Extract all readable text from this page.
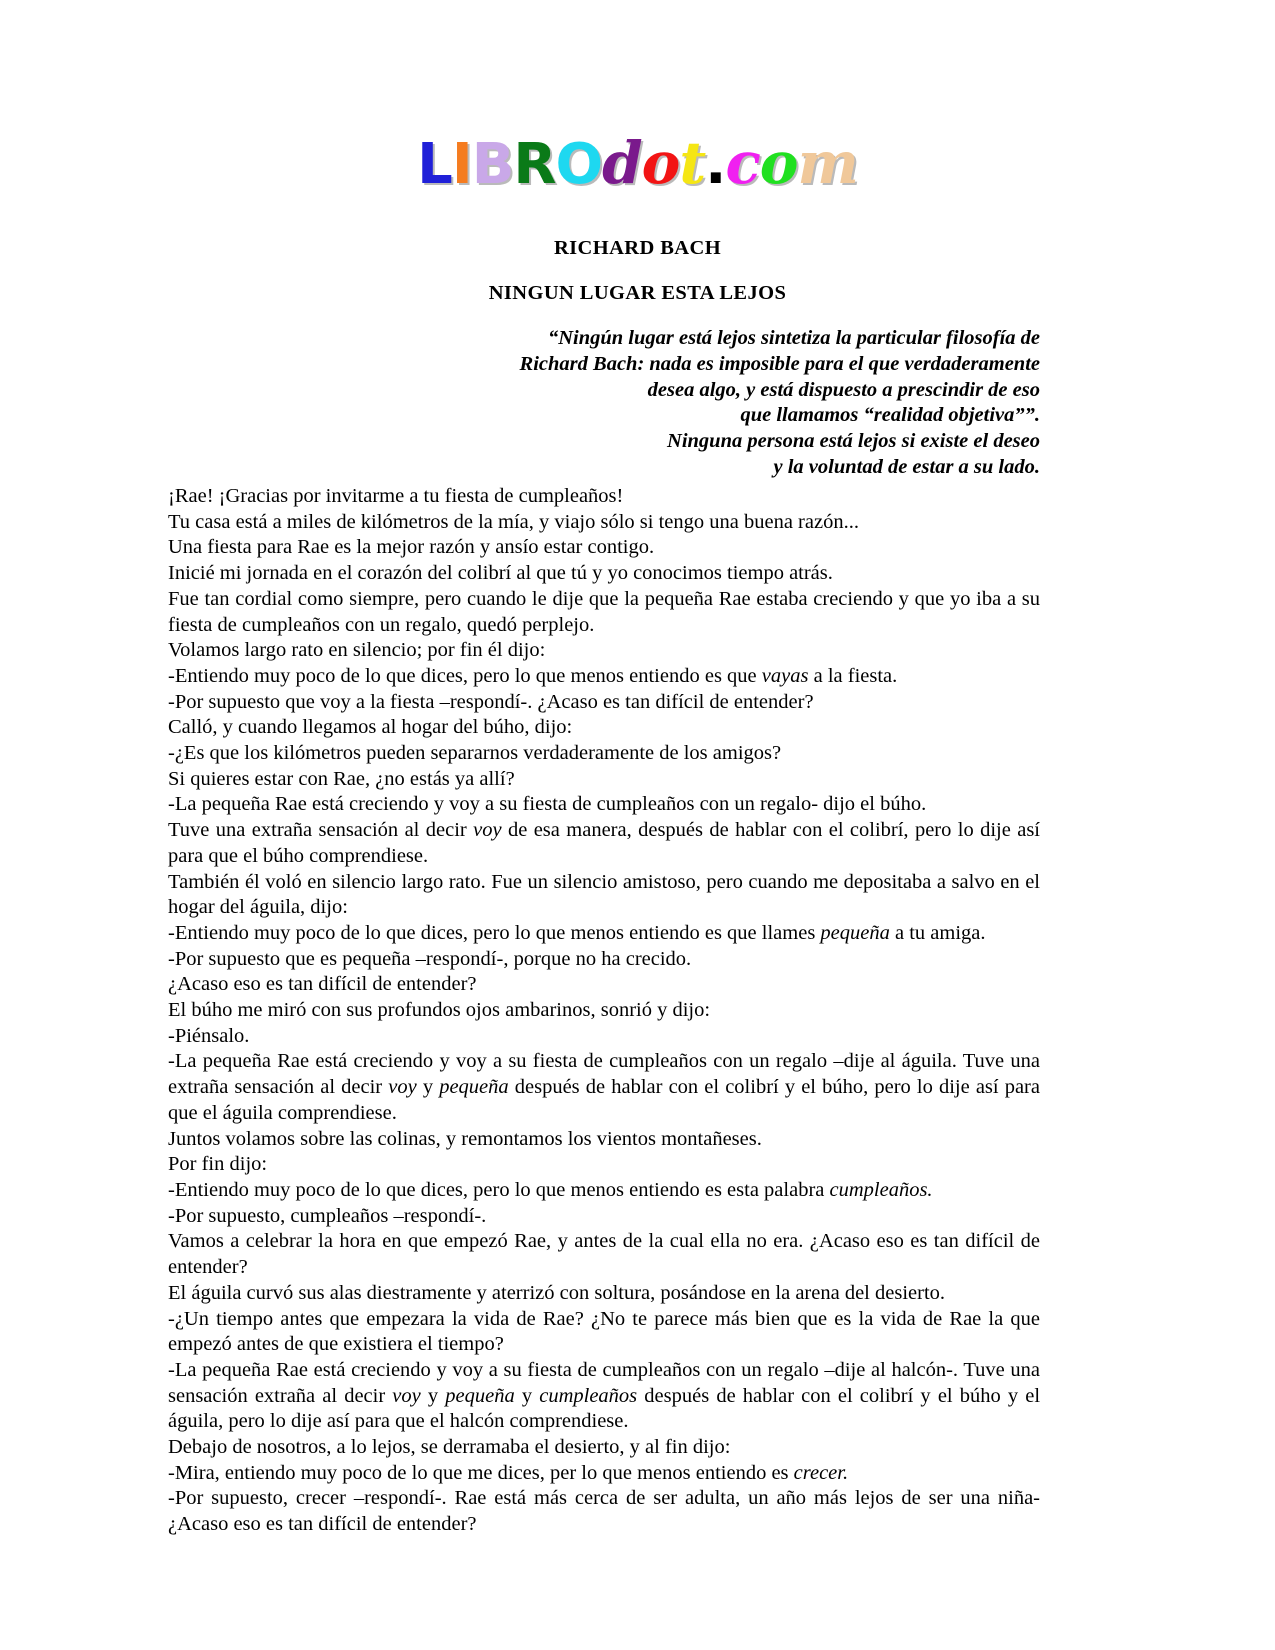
LIBROdot.com
RICHARD BACH
NINGUN LUGAR ESTA LEJOS
“Ningún lugar está lejos sintetiza la particular filosofía de
Richard Bach: nada es imposible para el que verdaderamente
desea algo, y está dispuesto a prescindir de eso
que llamamos “realidad objetiva””.
Ninguna persona está lejos si existe el deseo
y la voluntad de estar a su lado.

¡Rae! ¡Gracias por invitarme a tu fiesta de cumpleaños!

Tu casa está a miles de kilómetros de la mía, y viajo sólo si tengo una buena razón...

Una fiesta para Rae es la mejor razón y ansío estar contigo.

Inicié mi jornada en el corazón del colibrí al que tú y yo conocimos tiempo atrás.

Fue tan cordial como siempre, pero cuando le dije que la pequeña Rae estaba creciendo y que yo iba a su fiesta de cumpleaños con un regalo, quedó perplejo.

Volamos largo rato en silencio; por fin él dijo:

-Entiendo muy poco de lo que dices, pero lo que menos entiendo es que vayas a la fiesta.

-Por supuesto que voy a la fiesta –respondí-. ¿Acaso es tan difícil de entender?

Calló, y cuando llegamos al hogar del búho, dijo:

-¿Es que los kilómetros pueden separarnos verdaderamente de los amigos?

Si quieres estar con Rae, ¿no estás ya allí?

-La pequeña Rae está creciendo y voy a su fiesta de cumpleaños con un regalo- dijo el búho.

Tuve una extraña sensación al decir voy de esa manera, después de hablar con el colibrí, pero lo dije así para que el búho comprendiese.

También él voló en silencio largo rato. Fue un silencio amistoso, pero cuando me depositaba a salvo en el hogar del águila, dijo:

-Entiendo muy poco de lo que dices, pero lo que menos entiendo es que llames pequeña a tu amiga.

-Por supuesto que es pequeña –respondí-, porque no ha crecido.

¿Acaso eso es tan difícil de entender?

El búho me miró con sus profundos ojos ambarinos, sonrió y dijo:

-Piénsalo.

-La pequeña Rae está creciendo y voy a su fiesta de cumpleaños con un regalo –dije al águila. Tuve una extraña sensación al decir voy y pequeña después de hablar con el colibrí y el búho, pero lo dije así para que el águila comprendiese.

Juntos volamos sobre las colinas, y remontamos los vientos montañeses.

Por fin dijo:

-Entiendo muy poco de lo que dices, pero lo que menos entiendo es esta palabra cumpleaños.

-Por supuesto, cumpleaños –respondí-.

Vamos a celebrar la hora en que empezó Rae, y antes de la cual ella no era. ¿Acaso eso es tan difícil de entender?

El águila curvó sus alas diestramente y aterrizó con soltura, posándose en la arena del desierto.

-¿Un tiempo antes que empezara la vida de Rae? ¿No te parece más bien que es la vida de Rae la que empezó antes de que existiera el tiempo?

-La pequeña Rae está creciendo y voy a su fiesta de cumpleaños con un regalo –dije al halcón-. Tuve una sensación extraña al decir voy y pequeña y cumpleaños después de hablar con el colibrí y el búho y el águila, pero lo dije así para que el halcón comprendiese.

Debajo de nosotros, a lo lejos, se derramaba el desierto, y al fin dijo:

-Mira, entiendo muy poco de lo que me dices, per lo que menos entiendo es crecer.

-Por supuesto, crecer –respondí-. Rae está más cerca de ser adulta, un año más lejos de ser una niña- ¿Acaso eso es tan difícil de entender?
